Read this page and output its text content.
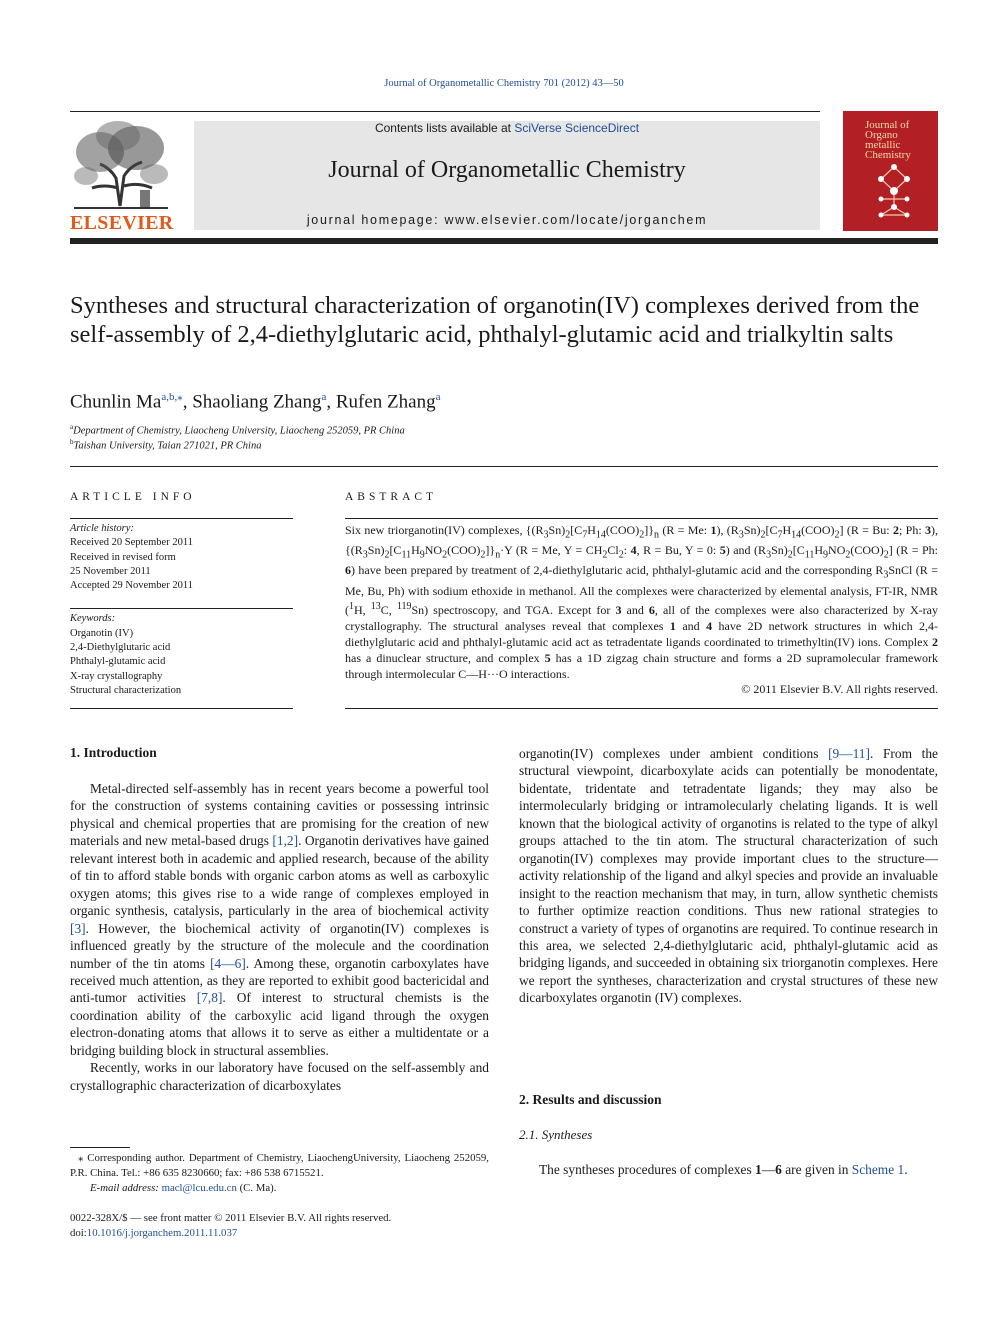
Journal of Organometallic Chemistry 701 (2012) 43—50
ELSEVIER
Contents lists available at SciVerse ScienceDirect
Journal of Organometallic Chemistry
journal homepage: www.elsevier.com/locate/jorganchem
Journal of Organo metallic Chemistry
Syntheses and structural characterization of organotin(IV) complexes derived from the self-assembly of 2,4-diethylglutaric acid, phthalyl-glutamic acid and trialkyltin salts
Chunlin $Ma^{a,b,⁎}$, Shaoliang Zhang$^a$, Rufen Zhang$^a$
$^a$Department of Chemistry, Liaocheng University, Liaocheng 252059, PR China
$^b$Taishan University, Taian 271021, PR China
ARTICLE INFO
Article history:
Received 20 September 2011
Received in revised form
25 November 2011
Accepted 29 November 2011
Keywords:
Organotin (IV)
2,4-Diethylglutaric acid
Phthalyl-glutamic acid
X-ray crystallography
Structural characterization
ABSTRACT
Six new triorganotin(IV) complexes, $\{(R_3Sn)_2[C_7H_{14}(COO)_2]\}_n$ (R = Me: 1), $(R_3Sn)_2[C_7H_{14}(COO)_2] (R = Bu$: 2; Ph: 3), $\{(R_3Sn)_2[C_{11}H_9NO_2(COO)_2]\}_n\cdot Y$ (R = Me, $Y = CH_2Cl_2$: 4, R = Bu, Y = 0: 5) and $(R_3Sn)_2[C_{11}H_9NO_2(COO)_2] (R = Ph$: 6) have been prepared by treatment of 2,4-diethylglutaric acid, phthalyl-glutamic acid and the corresponding $R_3SnCl$ (R = Me, Bu, Ph) with sodium ethoxide in methanol. All the complexes were characterized by elemental analysis, FT-IR, NMR ($^1$H, $^{13}$C, $^{119}$Sn) spectroscopy, and TGA. Except for 3 and 6, all of the complexes were also characterized by X-ray crystallography. The structural analyses reveal that complexes 1 and 4 have 2D network structures in which 2,4-diethylglutaric acid and phthalyl-glutamic acid act as tetradentate ligands coordinated to trimethyltin(IV) ions. Complex 2 has a dinuclear structure, and complex 5 has a 1D zigzag chain structure and forms a 2D supramolecular framework through intermolecular C—H···O interactions.
© 2011 Elsevier B.V. All rights reserved.
1. Introduction

Metal-directed self-assembly has in recent years become a powerful tool for the construction of systems containing cavities or possessing intrinsic physical and chemical properties that are promising for the creation of new materials and new metal-based drugs [1,2]. Organotin derivatives have gained relevant interest both in academic and applied research, because of the ability of tin to afford stable bonds with organic carbon atoms as well as carboxylic oxygen atoms; this gives rise to a wide range of complexes employed in organic synthesis, catalysis, particularly in the area of biochemical activity [3]. However, the biochemical activity of organotin(IV) complexes is influenced greatly by the structure of the molecule and the coordination number of the tin atoms [4—6]. Among these, organotin carboxylates have received much attention, as they are reported to exhibit good bactericidal and anti-tumor activities [7,8]. Of interest to structural chemists is the coordination ability of the carboxylic acid ligand through the oxygen electron-donating atoms that allows it to serve as either a multidentate or a bridging building block in structural assemblies.

Recently, works in our laboratory have focused on the self-assembly and crystallographic characterization of dicarboxylates

⁎ Corresponding author. Department of Chemistry, LiaochengUniversity, Liaocheng 252059, P.R. China. Tel.: +86 635 8230660; fax: +86 538 6715521.
E-mail address: macl@lcu.edu.cn (C. Ma).
0022-328X/$ — see front matter © 2011 Elsevier B.V. All rights reserved.
doi:10.1016/j.jorganchem.2011.11.037

organotin(IV) complexes under ambient conditions [9—11]. From the structural viewpoint, dicarboxylate acids can potentially be monodentate, bidentate, tridentate and tetradentate ligands; they may also be intermolecularly bridging or intramolecularly chelating ligands. It is well known that the biological activity of organotins is related to the type of alkyl groups attached to the tin atom. The structural characterization of such organotin(IV) complexes may provide important clues to the structure—activity relationship of the ligand and alkyl species and provide an invaluable insight to the reaction mechanism that may, in turn, allow synthetic chemists to further optimize reaction conditions. Thus new rational strategies to construct a variety of types of organotins are required. To continue research in this area, we selected 2,4-diethylglutaric acid, phthalyl-glutamic acid as bridging ligands, and succeeded in obtaining six triorganotin complexes. Here we report the syntheses, characterization and crystal structures of these new dicarboxylates organotin (IV) complexes.

2. Results and discussion
2.1. Syntheses

The syntheses procedures of complexes 1—6 are given in Scheme 1.
